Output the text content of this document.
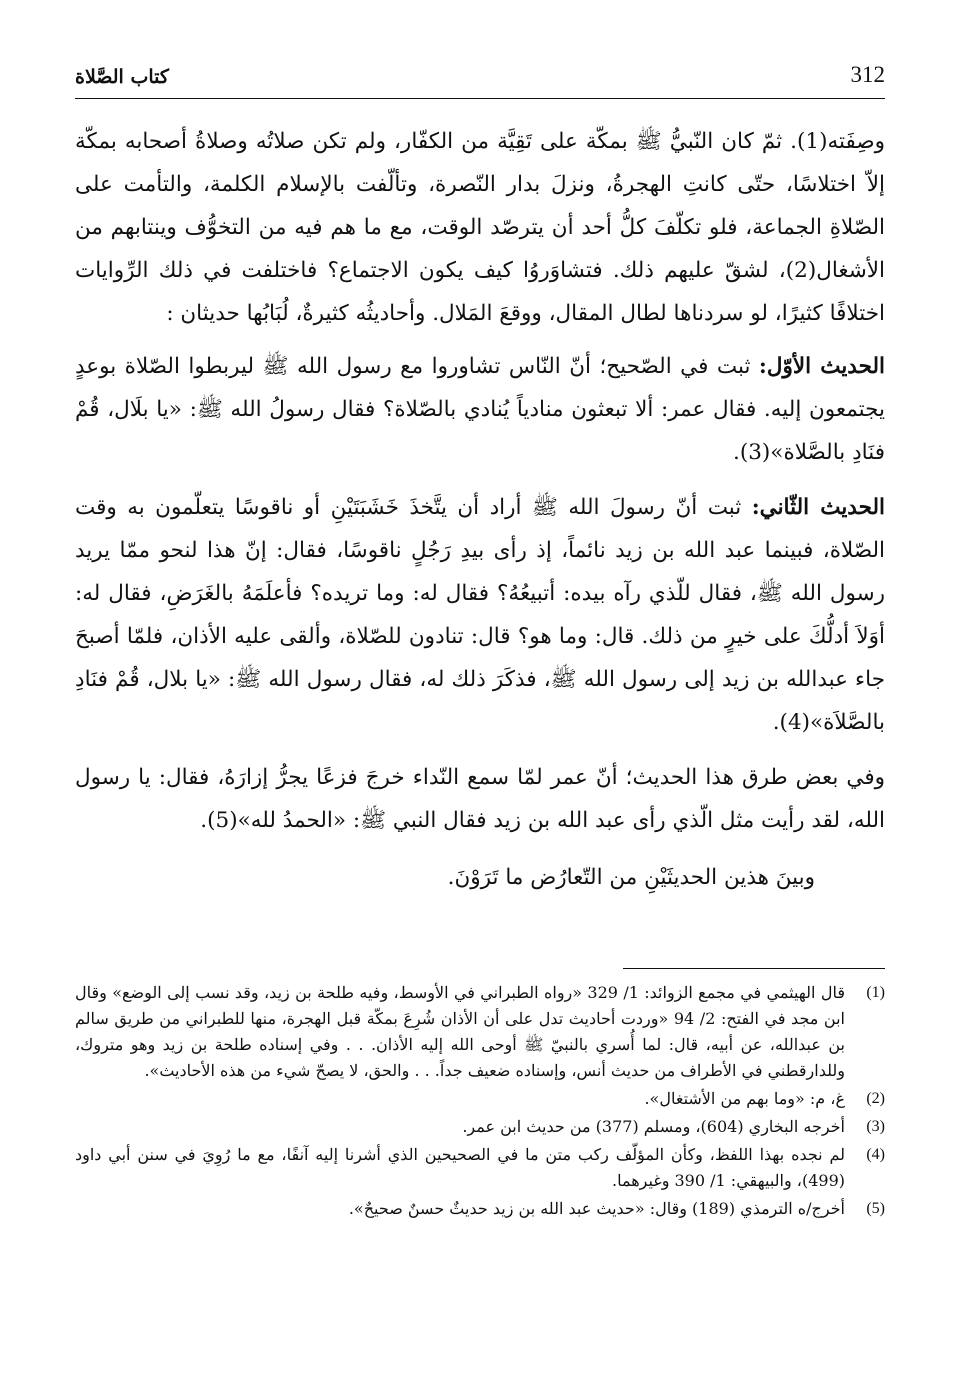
312
كتاب الصَّلاة

وصِفَته(1). ثمّ كان النّبيُّ ﷺ بمكّة على تَقِيَّة من الكفّار، ولم تكن صلاتُه وصلاةُ أصحابه بمكّة إلاّ اختلاسًا، حتّى كانتِ الهجرةُ، ونزلَ بدار النّصرة، وتألّفت بالإسلام الكلمة، والتأمت على الصّلاةِ الجماعة، فلو تكلّفَ كلُّ أحد أن يترصّد الوقت، مع ما هم فيه من التخوُّف وينتابهم من الأشغال(2)، لشقّ عليهم ذلك. فتشاوَروُا كيف يكون الاجتماع؟ فاختلفت في ذلك الرِّوايات اختلافًا كثيرًا، لو سردناها لطال المقال، ووقعَ المَلال. وأحاديثُه كثيرةٌ، لُبَابُها حديثان :

الحديث الأوّل: ثبت في الصّحيح؛ أنّ النّاس تشاوروا مع رسول الله ﷺ ليربطوا الصّلاة بوعدٍ يجتمعون إليه. فقال عمر: ألا تبعثون منادياً يُنادي بالصّلاة؟ فقال رسولُ الله ﷺ: «يا بلَال، قُمْ فنَادِ بالصَّلاة»(3).

الحديث الثّاني: ثبت أنّ رسولَ الله ﷺ أراد أن يتَّخذَ خَشَبَتَيْنِ أو ناقوسًا يتعلّمون به وقت الصّلاة، فبينما عبد الله بن زيد نائماً، إذ رأى بيدِ رَجُلٍ ناقوسًا، فقال: إنّ هذا لنحو ممّا يريد رسول الله ﷺ، فقال للّذي رآه بيده: أتبيعُهُ؟ فقال له: وما تريده؟ فأعلَمَهُ بالغَرَضِ، فقال له: أوَلاَ أدلُّكَ على خيرٍ من ذلك. قال: وما هو؟ قال: تنادون للصّلاة، وألقى عليه الأذان، فلمّا أصبحَ جاء عبدالله بن زيد إلى رسول الله ﷺ، فذكَرَ ذلك له، فقال رسول الله ﷺ: «يا بلال، قُمْ فنَادِ بالصَّلاَة»(4).

وفي بعض طرق هذا الحديث؛ أنّ عمر لمّا سمع النّداء خرجَ فزعًا يجرُّ إزارَهُ، فقال: يا رسول الله، لقد رأيت مثل الّذي رأى عبد الله بن زيد فقال النبي ﷺ: «الحمدُ لله»(5).

وبينَ هذين الحديثَيْنِ من التّعارُض ما تَرَوْنَ.

(1)
قال الهيثمي في مجمع الزوائد: 1/ 329 «رواه الطبراني في الأوسط، وفيه طلحة بن زيد، وقد نسب إلى الوضع» وقال ابن مجد في الفتح: 2/ 94 «وردت أحاديث تدل على أن الأذان شُرِعَ بمكّة قبل الهجرة، منها للطبراني من طريق سالم بن عبدالله، عن أبيه، قال: لما أُسري بالنبيّ ﷺ أوحى الله إليه الأذان. . . وفي إسناده طلحة بن زيد وهو متروك، وللدارقطني في الأطراف من حديث أنس، وإسناده ضعيف جداً. . . والحق، لا يصحّ شيء من هذه الأحاديث».
(2)
غ، م: «وما بهم من الأشتغال».
(3)
أخرجه البخاري (604)، ومسلم (377) من حديث ابن عمر.
(4)
لم نجده بهذا اللفظ، وكأن المؤلّف ركب متن ما في الصحيحين الذي أشرنا إليه آنفًا، مع ما رُوِيَ في سنن أبي داود (499)، والبيهقي: 1/ 390 وغيرهما.
(5)
أخرج/ه الترمذي (189) وقال: «حديث عبد الله بن زيد حديثٌ حسنٌ صحيحٌ».
